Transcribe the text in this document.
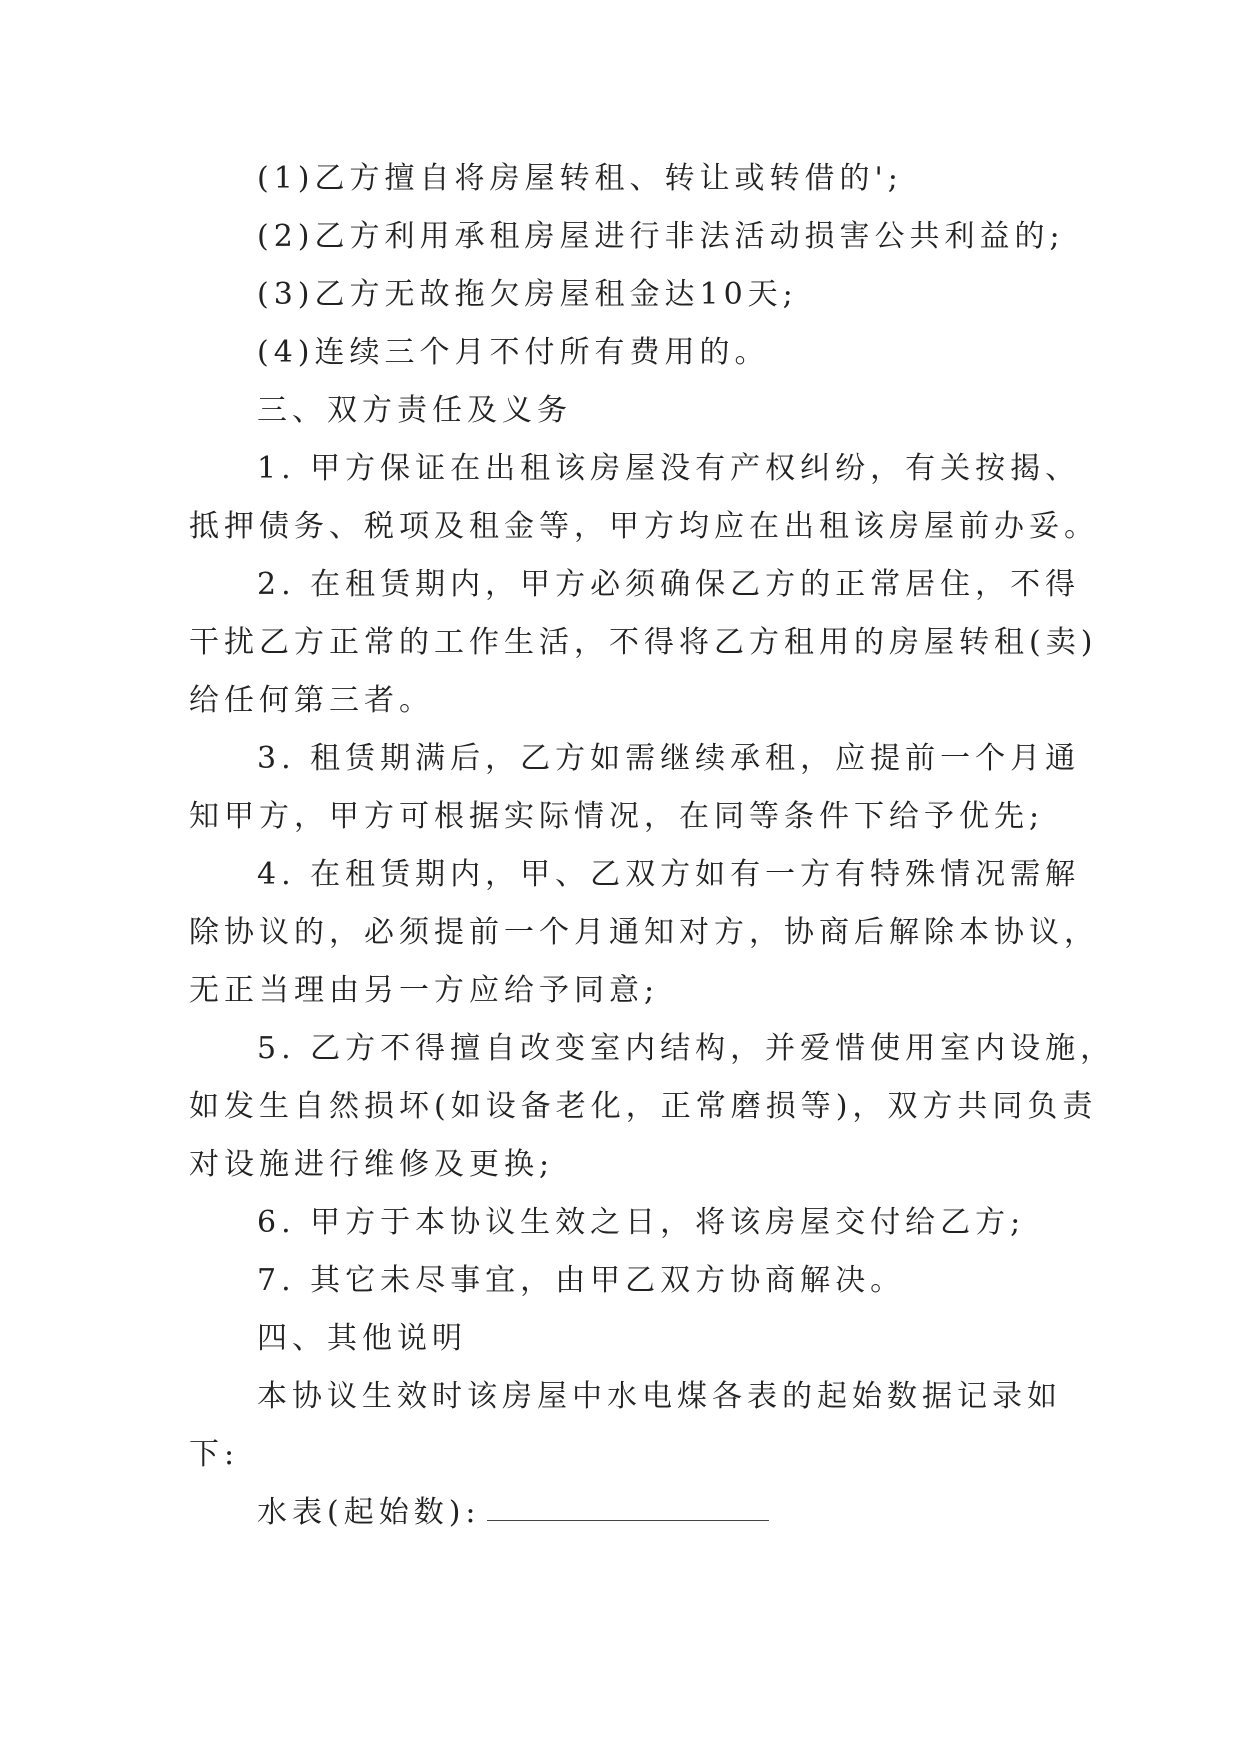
(1)乙方擅自将房屋转租、转让或转借的';
(2)乙方利用承租房屋进行非法活动损害公共利益的;
(3)乙方无故拖欠房屋租金达10天;
(4)连续三个月不付所有费用的。
三、双方责任及义务
1. 甲方保证在出租该房屋没有产权纠纷，有关按揭、
抵押债务、税项及租金等，甲方均应在出租该房屋前办妥。
2. 在租赁期内，甲方必须确保乙方的正常居住，不得
干扰乙方正常的工作生活，不得将乙方租用的房屋转租(卖)
给任何第三者。
3. 租赁期满后，乙方如需继续承租，应提前一个月通
知甲方，甲方可根据实际情况，在同等条件下给予优先;
4. 在租赁期内，甲、乙双方如有一方有特殊情况需解
除协议的，必须提前一个月通知对方，协商后解除本协议，
无正当理由另一方应给予同意;
5. 乙方不得擅自改变室内结构，并爱惜使用室内设施，
如发生自然损坏(如设备老化，正常磨损等)，双方共同负责
对设施进行维修及更换;
6. 甲方于本协议生效之日，将该房屋交付给乙方;
7. 其它未尽事宜，由甲乙双方协商解决。
四、其他说明
本协议生效时该房屋中水电煤各表的起始数据记录如
下:
水表(起始数):
